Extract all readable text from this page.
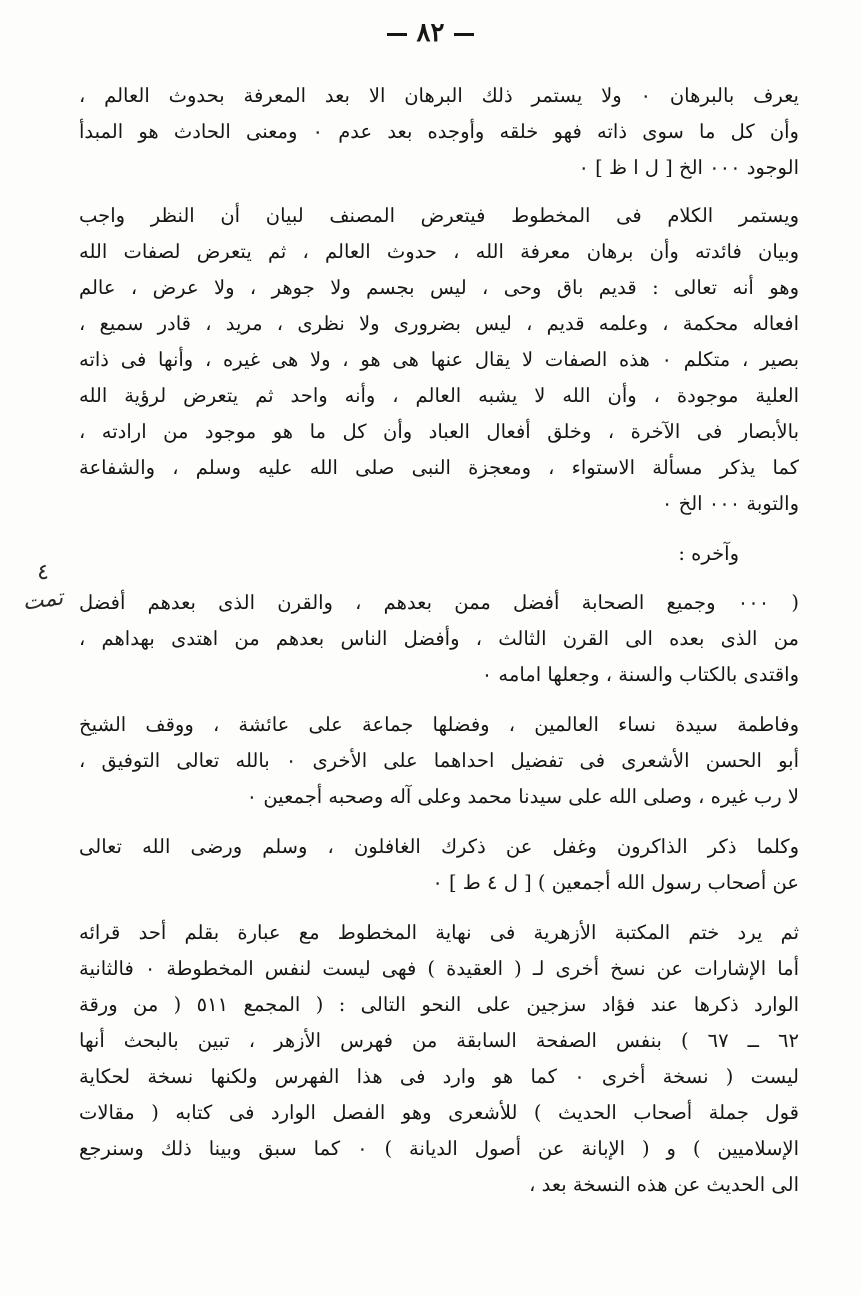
٨٢
٤
تمت
يعرف بالبرهان ٠ ولا يستمر ذلك البرهان الا بعد المعرفة بحدوث العالم ،
وأن كل ما سوى ذاته فهو خلقه وأوجده بعد عدم ٠ ومعنى الحادث هو المبدأ
الوجود ٠٠٠ الخ [ ل ا ظ ] ٠
ويستمر الكلام فى المخطوط فيتعرض المصنف لبيان أن النظر واجب
وبيان فائدته وأن برهان معرفة الله ، حدوث العالم ، ثم يتعرض لصفات الله
وهو أنه تعالى : قديم باق وحى ، ليس بجسم ولا جوهر ، ولا عرض ، عالم
افعاله محكمة ، وعلمه قديم ، ليس بضرورى ولا نظرى ، مريد ، قادر سميع ،
بصير ، متكلم ٠ هذه الصفات لا يقال عنها هى هو ، ولا هى غيره ، وأنها فى ذاته
العلية موجودة ، وأن الله لا يشبه العالم ، وأنه واحد ثم يتعرض لرؤية الله
بالأبصار فى الآخرة ، وخلق أفعال العباد وأن كل ما هو موجود من ارادته ،
كما يذكر مسألة الاستواء ، ومعجزة النبى صلى الله عليه وسلم ، والشفاعة
والتوبة ٠٠٠ الخ ٠
وآخره :
( ٠٠٠ وجميع الصحابة أفضل ممن بعدهم ، والقرن الذى بعدهم أفضل
من الذى بعده الى القرن الثالث ، وأفضل الناس بعدهم من اهتدى بهداهم ،
واقتدى بالكتاب والسنة ، وجعلها امامه ٠
وفاطمة سيدة نساء العالمين ، وفضلها جماعة على عائشة ، ووقف الشيخ
أبو الحسن الأشعرى فى تفضيل احداهما على الأخرى ٠ بالله تعالى التوفيق ،
لا رب غيره ، وصلى الله على سيدنا محمد وعلى آله وصحبه أجمعين ٠
وكلما ذكر الذاكرون وغفل عن ذكرك الغافلون ، وسلم ورضى الله تعالى
عن أصحاب رسول الله أجمعين ) [ ل ٤ ط ] ٠
ثم يرد ختم المكتبة الأزهرية فى نهاية المخطوط مع عبارة بقلم أحد قرائه
أما الإشارات عن نسخ أخرى لـ ( العقيدة ) فهى ليست لنفس المخطوطة ٠ فالثانية
الوارد ذكرها عند فؤاد سزجين على النحو التالى : ( المجمع ٥١١ ( من ورقة
٦٢ ــ ٦٧ ) بنفس الصفحة السابقة من فهرس الأزهر ، تبين بالبحث أنها
ليست ( نسخة أخرى ٠ كما هو وارد فى هذا الفهرس ولكنها نسخة لحكاية
قول جملة أصحاب الحديث ) للأشعرى وهو الفصل الوارد فى كتابه ( مقالات
الإسلاميين ) و ( الإبانة عن أصول الديانة ) ٠ كما سبق وبينا ذلك وسنرجع
الى الحديث عن هذه النسخة بعد ،
